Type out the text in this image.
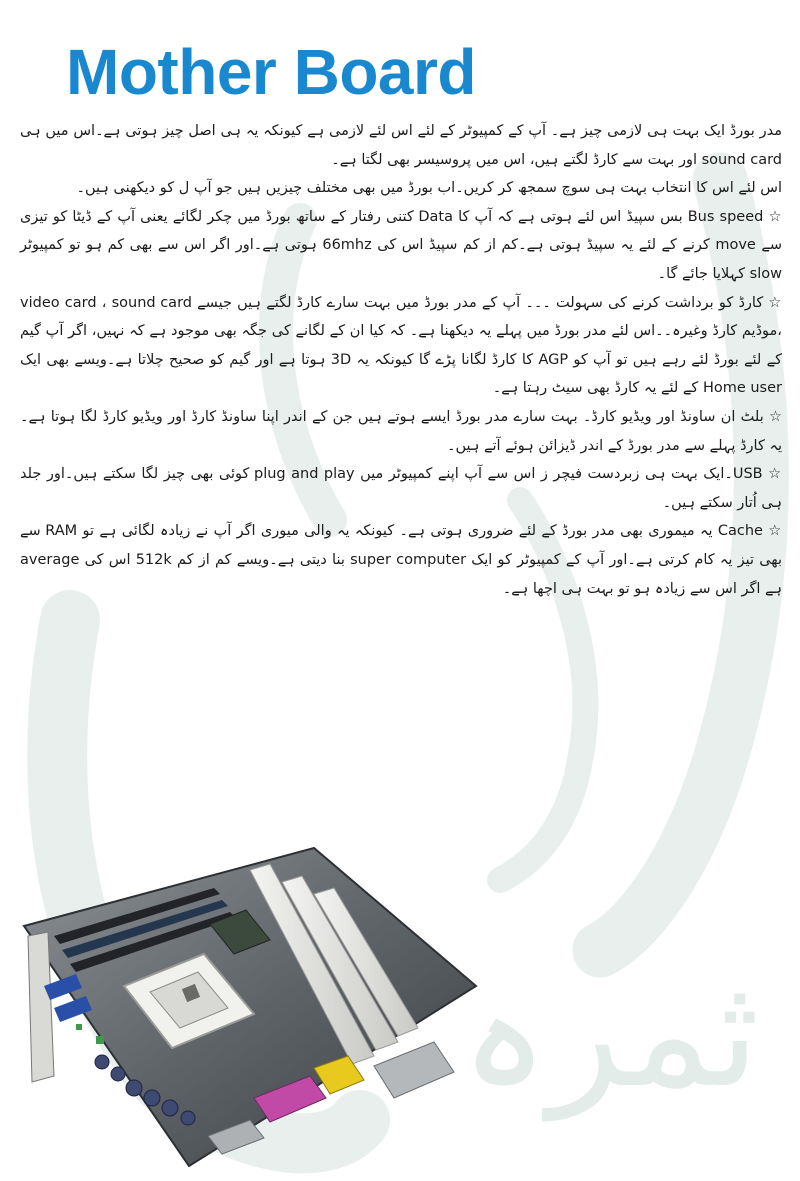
ثمرہ
Mother Board

مدر بورڈ ایک بہت ہی لازمی چیز ہے۔ آپ کے کمپیوٹر کے لئے اس لئے لازمی ہے کیونکہ یہ ہی اصل چیز ہوتی ہے۔اس میں ہی sound card اور بہت سے کارڈ لگتے ہیں، اس میں پروسیسر بھی لگتا ہے۔

اس لئے اس کا انتخاب بہت ہی سوچ سمجھ کر کریں۔اب بورڈ میں بھی مختلف چیزیں ہیں جو آپ ل کو دیکھنی ہیں۔

☆ Bus speed بس سپیڈ اس لئے ہوتی ہے کہ آپ کا Data کتنی رفتار کے ساتھ بورڈ میں چکر لگائے یعنی آپ کے ڈیٹا کو تیزی سے move کرنے کے لئے یہ سپیڈ ہوتی ہے۔کم از کم سپیڈ اس کی 66mhz ہوتی ہے۔اور اگر اس سے بھی کم ہو تو کمپیوٹر slow کہلایا جائے گا۔

☆ کارڈ کو برداشت کرنے کی سہولت ۔۔۔ آپ کے مدر بورڈ میں بہت سارے کارڈ لگتے ہیں جیسے video card ، sound card ،موڈیم کارڈ وغیرہ۔۔اس لئے مدر بورڈ میں پہلے یہ دیکھنا ہے۔ کہ کیا ان کے لگانے کی جگہ بھی موجود ہے کہ نہیں، اگر آپ گیم کے لئے بورڈ لئے رہے ہیں تو آپ کو AGP کا کارڈ لگانا پڑے گا کیونکہ یہ 3D ہوتا ہے اور گیم کو صحیح چلاتا ہے۔ویسے بھی ایک Home user کے لئے یہ کارڈ بھی سیٹ رہتا ہے۔

☆ بلٹ ان ساونڈ اور ویڈیو کارڈ۔ بہت سارے مدر بورڈ ایسے ہوتے ہیں جن کے اندر اپنا ساونڈ کارڈ اور ویڈیو کارڈ لگا ہوتا ہے۔ یہ کارڈ پہلے سے مدر بورڈ کے اندر ڈیزائن ہوئے آتے ہیں۔

☆ USB۔ایک بہت ہی زبردست فیچر ز اس سے آپ اپنے کمپیوٹر میں plug and play کوئی بھی چیز لگا سکتے ہیں۔اور جلد ہی اُتار سکتے ہیں۔

☆ Cache یہ میموری بھی مدر بورڈ کے لئے ضروری ہوتی ہے۔ کیونکہ یہ والی میوری اگر آپ نے زیادہ لگائی ہے تو RAM سے بھی تیز یہ کام کرتی ہے۔اور آپ کے کمپیوٹر کو ایک super computer بنا دیتی ہے۔ویسے کم از کم 512k اس کی average ہے اگر اس سے زیادہ ہو تو بہت ہی اچھا ہے۔
